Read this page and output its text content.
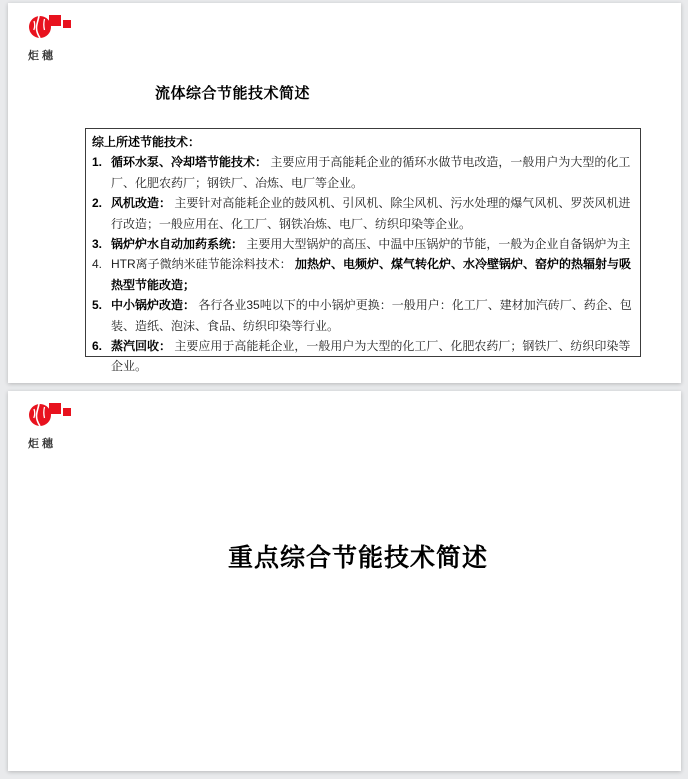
炬穗
流体综合节能技术简述
综上所述节能技术：
1. 循环水泵、冷却塔节能技术： 主要应用于高能耗企业的循环水做节电改造，一般用户为大型的化工厂、化肥农药厂；钢铁厂、冶炼、电厂等企业。
2. 风机改造： 主要针对高能耗企业的鼓风机、引风机、除尘风机、污水处理的爆气风机、罗茨风机进行改造；一般应用在、化工厂、钢铁冶炼、电厂、纺织印染等企业。
3. 锅炉炉水自动加药系统： 主要用大型锅炉的高压、中温中压锅炉的节能，一般为企业自备锅炉为主
4. HTR离子微纳米硅节能涂料技术： 加热炉、电频炉、煤气转化炉、水冷壁锅炉、窑炉的热辐射与吸热型节能改造；
5. 中小锅炉改造： 各行各业35吨以下的中小锅炉更换：一般用户：化工厂、建材加汽砖厂、药企、包装、造纸、泡沫、食品、纺织印染等行业。
6. 蒸汽回收： 主要应用于高能耗企业，一般用户为大型的化工厂、化肥农药厂；钢铁厂、纺织印染等企业。
炬穗
重点综合节能技术简述
